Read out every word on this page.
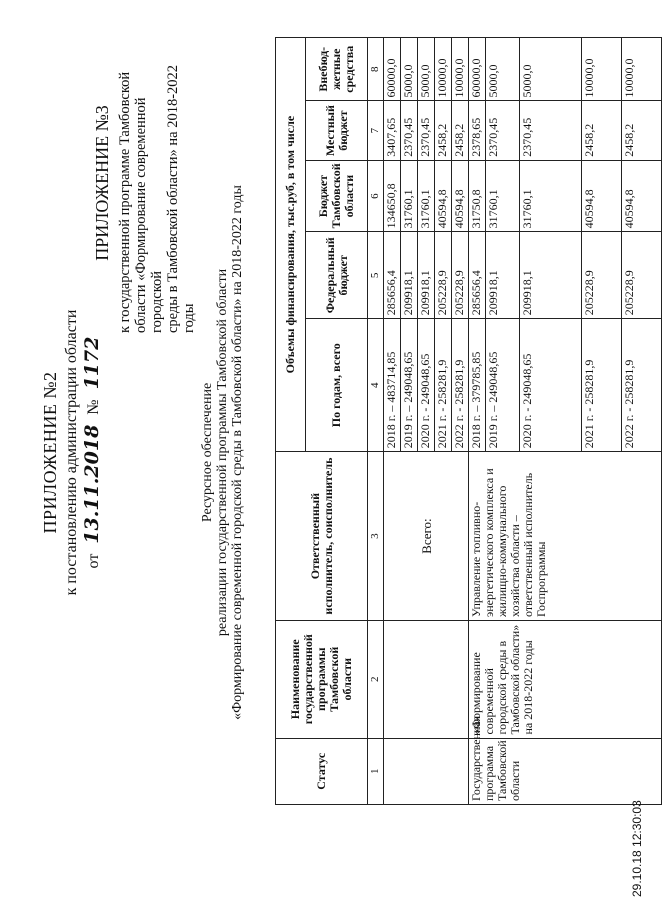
ПРИЛОЖЕНИЕ №2 к постановлению администрации области от 13.11.2018 № 1172
ПРИЛОЖЕНИЕ №3 к государственной программе Тамбовской области «Формирование современной городской среды в Тамбовской области» на 2018-2022 годы
Ресурсное обеспечение реализации государственной программы Тамбовской области «Формирование современной городской среды в Тамбовской области» на 2018-2022 годы
Статус	Наименование государственной программы Тамбовской области	Ответственный исполнитель, соисполнитель	Объемы финансирования, тыс.руб, в том числе				
			По годам, всего	Федеральный бюджет	Бюджет Тамбовской области	Местный бюджет	Внебюд-жетные средства
1	2	3	4	5	6	7	8
		Всего:	2018 г. – 483714,85	285656,4	134650,8	3407,65	60000,0
			2019 г. – 249048,65	209918,1	31760,1	2370,45	5000,0
			2020 г. - 249048,65	209918,1	31760,1	2370,45	5000,0
			2021 г. - 258281,9	205228,9	40594,8	2458,2	10000,0
			2022 г. - 258281,9	205228,9	40594,8	2458,2	10000,0
Государственная программа Тамбовской области	«Формирование современной городской среды в Тамбовской области» на 2018-2022 годы	Управление топливно-энергетического комплекса и жилищно-коммунального хозяйства области – ответственный исполнитель Госпрограммы	2018 г. – 379785,85	285656,4	31750,8	2378,65	60000,0
			2019 г. – 249048,65	209918,1	31760,1	2370,45	5000,0
			2020 г. - 249048,65	209918,1	31760,1	2370,45	5000,0
			2021 г. - 258281,9	205228,9	40594,8	2458,2	10000,0
			2022 г. - 258281,9	205228,9	40594,8	2458,2	10000,0
29.10.18 12:30:03
